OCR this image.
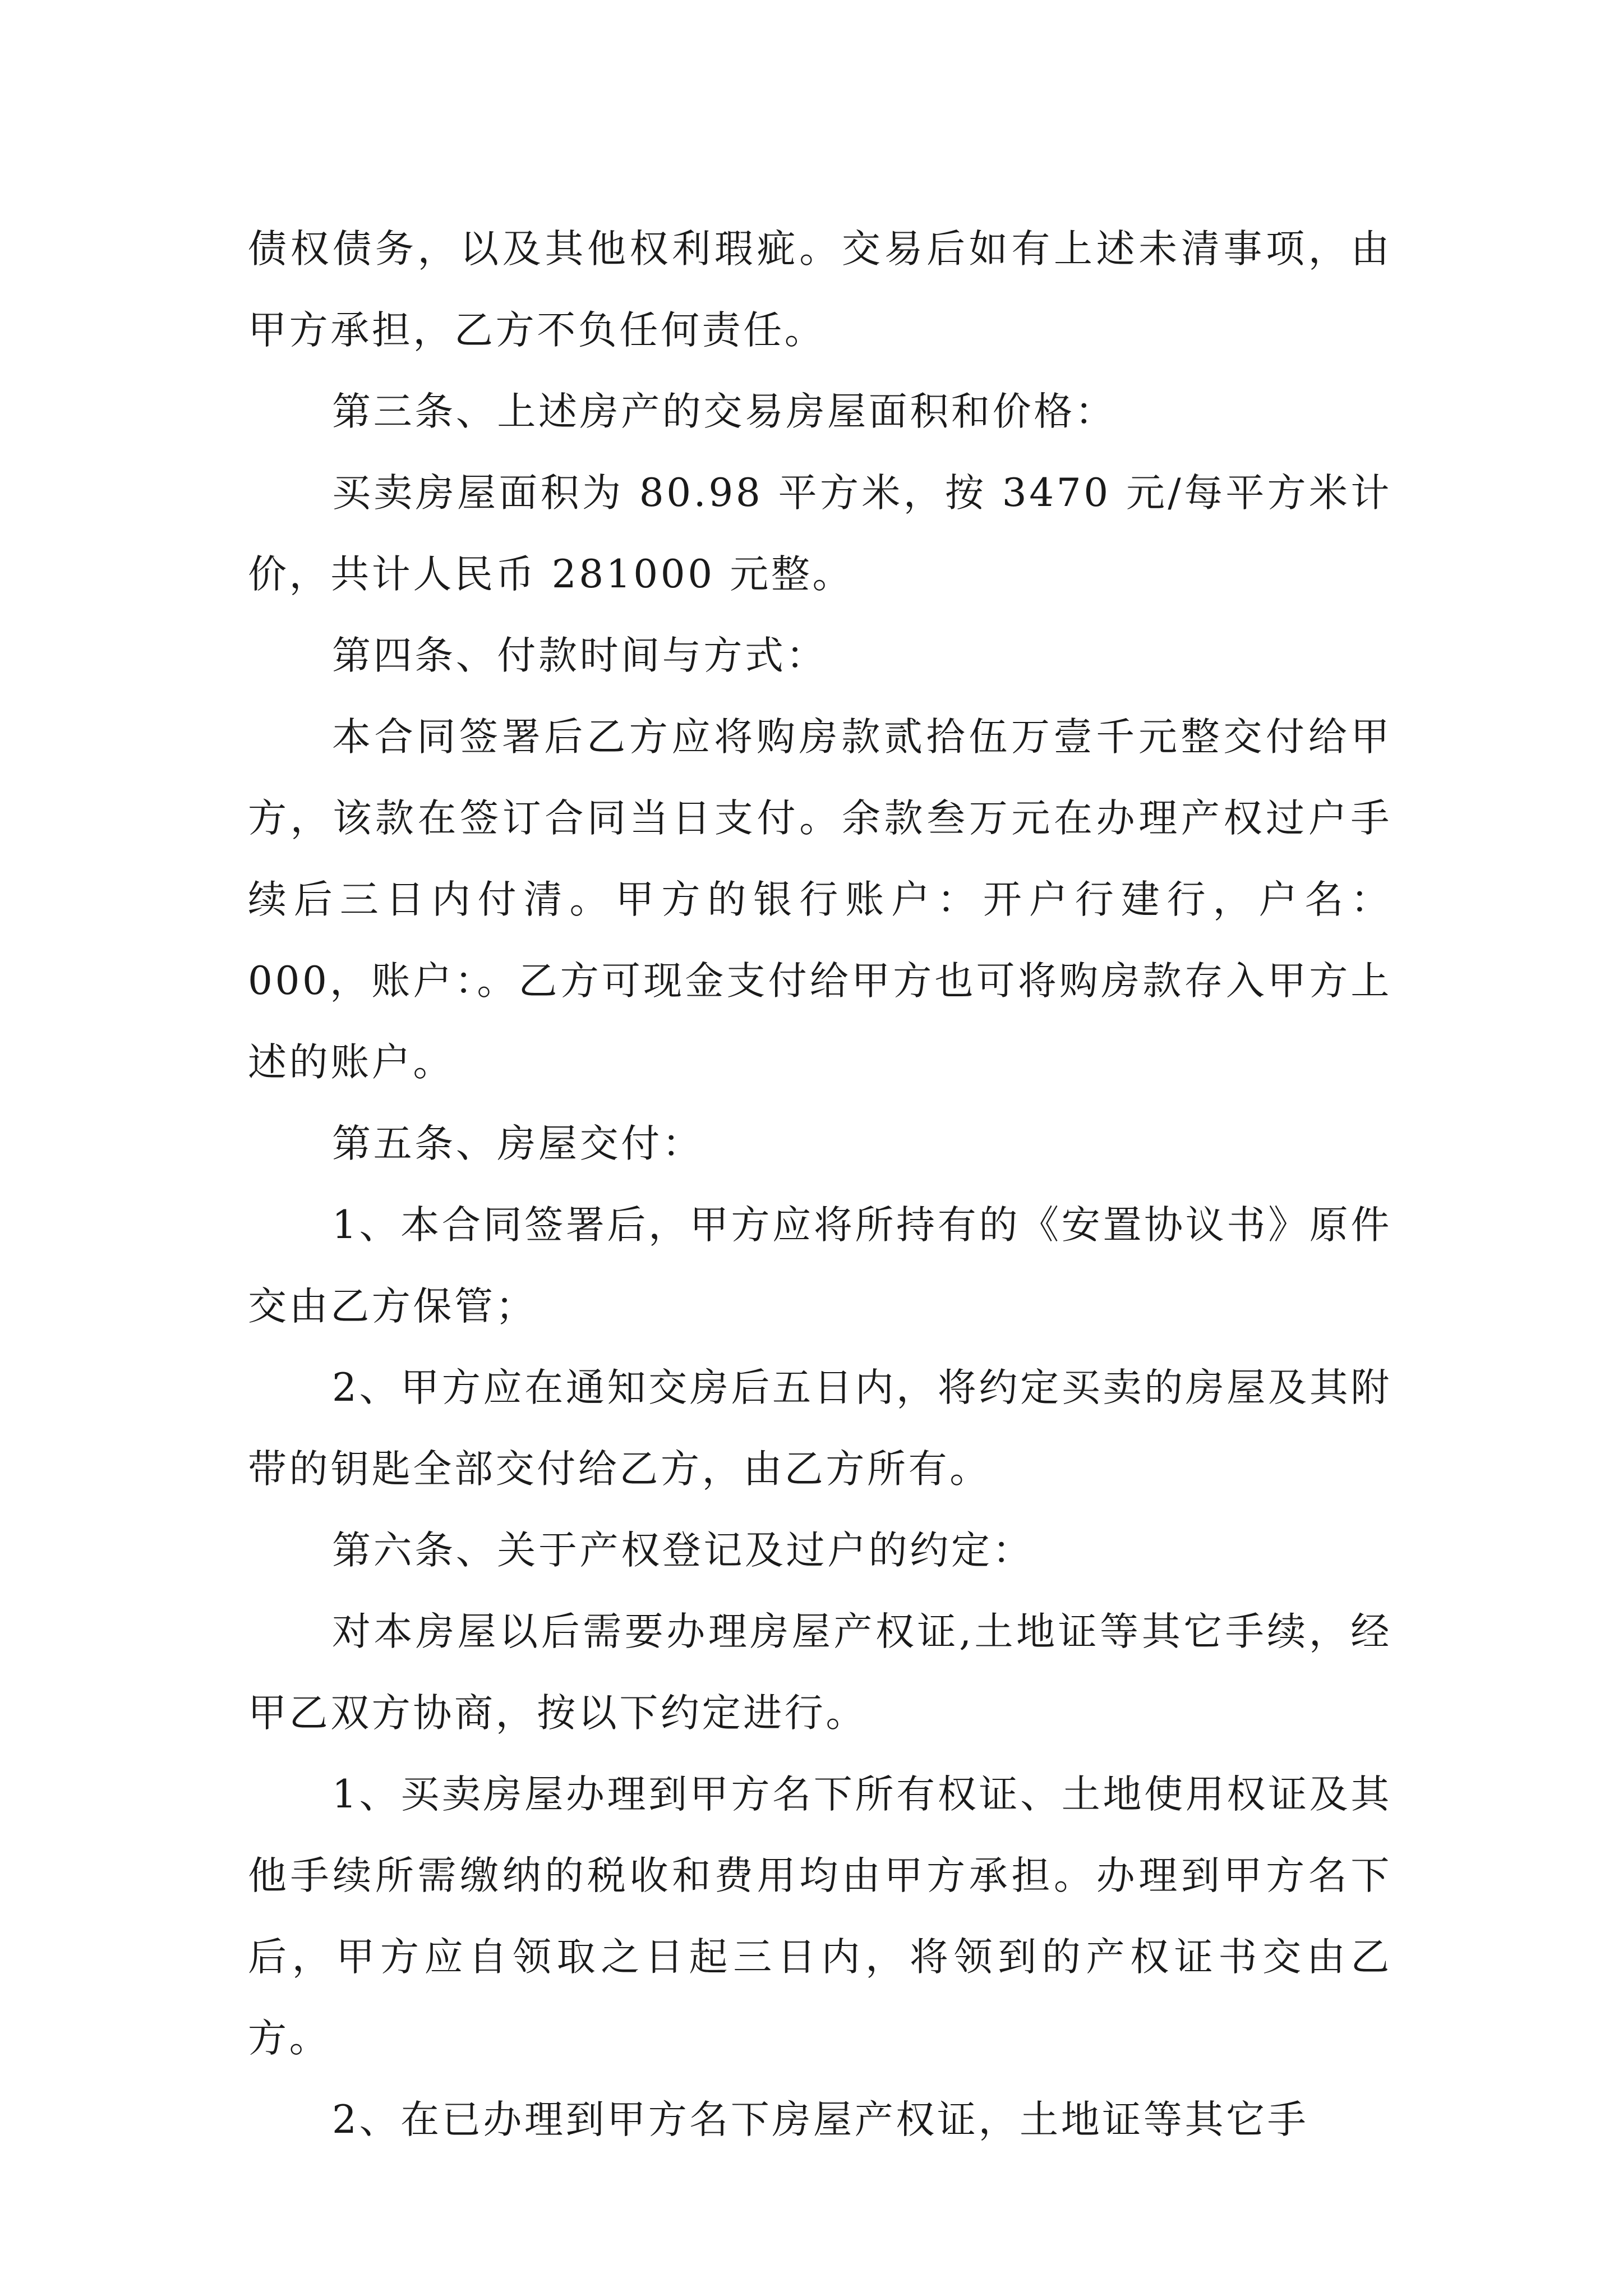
债权债务，以及其他权利瑕疵。交易后如有上述未清事项，由甲方承担，乙方不负任何责任。

第三条、上述房产的交易房屋面积和价格：

买卖房屋面积为 80.98 平方米，按 3470 元/每平方米计价，共计人民币 281000 元整。

第四条、付款时间与方式：

本合同签署后乙方应将购房款贰拾伍万壹千元整交付给甲方，该款在签订合同当日支付。余款叁万元在办理产权过户手续后三日内付清。甲方的银行账户：开户行建行，户名：000，账户：。乙方可现金支付给甲方也可将购房款存入甲方上述的账户。

第五条、房屋交付：

1、本合同签署后，甲方应将所持有的《安置协议书》原件交由乙方保管；

2、甲方应在通知交房后五日内，将约定买卖的房屋及其附带的钥匙全部交付给乙方，由乙方所有。

第六条、关于产权登记及过户的约定：

对本房屋以后需要办理房屋产权证,土地证等其它手续，经甲乙双方协商，按以下约定进行。

1、买卖房屋办理到甲方名下所有权证、土地使用权证及其他手续所需缴纳的税收和费用均由甲方承担。办理到甲方名下后，甲方应自领取之日起三日内，将领到的产权证书交由乙方。

2、在已办理到甲方名下房屋产权证，土地证等其它手
